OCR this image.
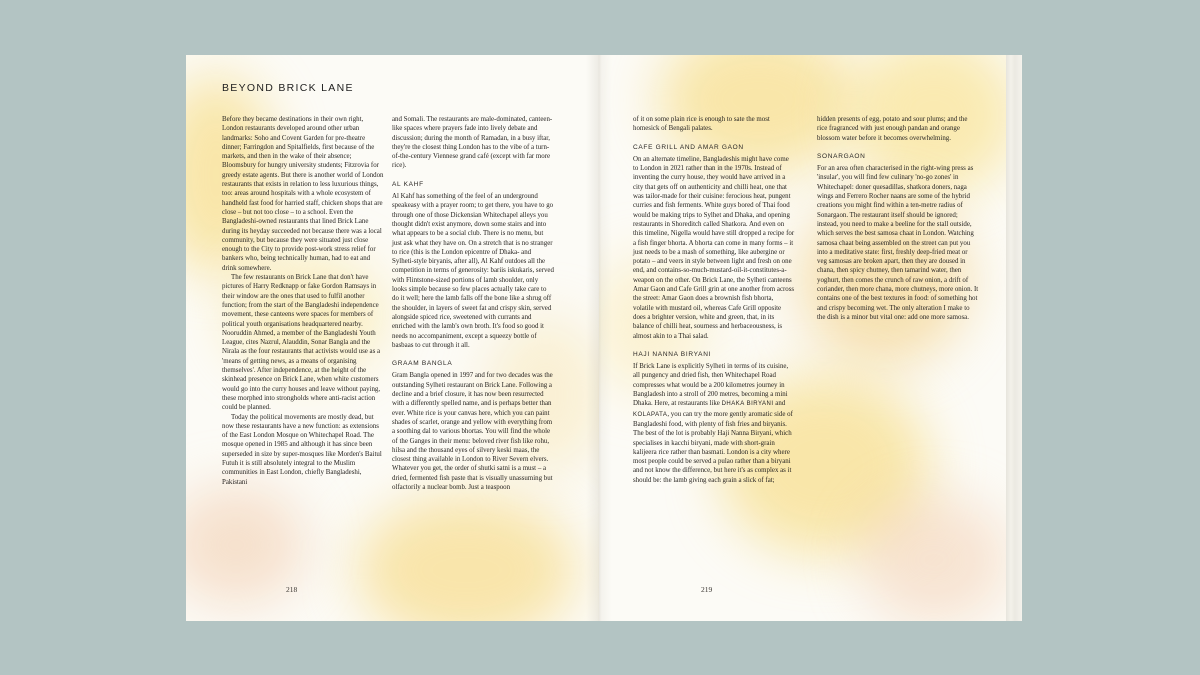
BEYOND BRICK LANE

Before they became destinations in their own right, London restaurants developed around other urban landmarks: Soho and Covent Garden for pre-theatre dinner; Farringdon and Spitalfields, first because of the markets, and then in the wake of their absence; Bloomsbury for hungry university students; Fitzrovia for greedy estate agents. But there is another world of London restaurants that exists in relation to less luxurious things, too: areas around hospitals with a whole ecosystem of handheld fast food for harried staff, chicken shops that are close – but not too close – to a school. Even the Bangladeshi-owned restaurants that lined Brick Lane during its heyday succeeded not because there was a local community, but because they were situated just close enough to the City to provide post-work stress relief for bankers who, being technically human, had to eat and drink somewhere.

The few restaurants on Brick Lane that don't have pictures of Harry Redknapp or fake Gordon Ramsays in their window are the ones that used to fulfil another function; from the start of the Bangladeshi independence movement, these canteens were spaces for members of political youth organisations headquartered nearby. Nooruddin Ahmed, a member of the Bangladeshi Youth League, cites Nazrul, Alauddin, Sonar Bangla and the Nirala as the four restaurants that activists would use as a 'means of getting news, as a means of organising themselves'. After independence, at the height of the skinhead presence on Brick Lane, when white customers would go into the curry houses and leave without paying, these morphed into strongholds where anti-racist action could be planned.

Today the political movements are mostly dead, but now these restaurants have a new function: as extensions of the East London Mosque on Whitechapel Road. The mosque opened in 1985 and although it has since been superseded in size by super-mosques like Morden's Baitul Futuh it is still absolutely integral to the Muslim communities in East London, chiefly Bangladeshi, Pakistani

and Somali. The restaurants are male-dominated, canteen-like spaces where prayers fade into lively debate and discussion; during the month of Ramadan, in a busy iftar, they're the closest thing London has to the vibe of a turn-of-the-century Viennese grand café (except with far more rice).

AL KAHF

Al Kahf has something of the feel of an underground speakeasy with a prayer room; to get there, you have to go through one of those Dickensian Whitechapel alleys you thought didn't exist anymore, down some stairs and into what appears to be a social club. There is no menu, but just ask what they have on. On a stretch that is no stranger to rice (this is the London epicentre of Dhaka- and Sylheti-style biryanis, after all), Al Kahf outdoes all the competition in terms of generosity: bariis iskukaris, served with Flintstone-sized portions of lamb shoulder, only looks simple because so few places actually take care to do it well; here the lamb falls off the bone like a shrug off the shoulder, in layers of sweet fat and crispy skin, served alongside spiced rice, sweetened with currants and enriched with the lamb's own broth. It's food so good it needs no accompaniment, except a squeezy bottle of basbaas to cut through it all.

GRAAM BANGLA

Gram Bangla opened in 1997 and for two decades was the outstanding Sylheti restaurant on Brick Lane. Following a decline and a brief closure, it has now been resurrected with a differently spelled name, and is perhaps better than ever. White rice is your canvas here, which you can paint shades of scarlet, orange and yellow with everything from a soothing dal to various bhortas. You will find the whole of the Ganges in their menu: beloved river fish like rohu, hilsa and the thousand eyes of silvery keski maas, the closest thing available in London to River Severn elvers. Whatever you get, the order of shutki satni is a must – a dried, fermented fish paste that is visually unassuming but olfactorily a nuclear bomb. Just a teaspoon

218

of it on some plain rice is enough to sate the most homesick of Bengali palates.

CAFE GRILL AND AMAR GAON

On an alternate timeline, Bangladeshis might have come to London in 2021 rather than in the 1970s. Instead of inventing the curry house, they would have arrived in a city that gets off on authenticity and chilli heat, one that was tailor-made for their cuisine: ferocious heat, pungent curries and fish ferments. White guys bored of Thai food would be making trips to Sylhet and Dhaka, and opening restaurants in Shoreditch called Shatkora. And even on this timeline, Nigella would have still dropped a recipe for a fish finger bhorta. A bhorta can come in many forms – it just needs to be a mash of something, like aubergine or potato – and veers in style between light and fresh on one end, and contains-so-much-mustard-oil-it-constitutes-a-weapon on the other. On Brick Lane, the Sylheti canteens Amar Gaon and Cafe Grill grin at one another from across the street: Amar Gaon does a brownish fish bhorta, volatile with mustard oil, whereas Cafe Grill opposite does a brighter version, white and green, that, in its balance of chilli heat, sourness and herbaceousness, is almost akin to a Thai salad.

HAJI NANNA BIRYANI

If Brick Lane is explicitly Sylheti in terms of its cuisine, all pungency and dried fish, then Whitechapel Road compresses what would be a 200 kilometres journey in Bangladesh into a stroll of 200 metres, becoming a mini Dhaka. Here, at restaurants like DHAKA BIRYANI and KOLAPATA, you can try the more gently aromatic side of Bangladeshi food, with plenty of fish fries and biryanis. The best of the lot is probably Haji Nanna Biryani, which specialises in kacchi biryani, made with short-grain kalijeera rice rather than basmati. London is a city where most people could be served a pulao rather than a biryani and not know the difference, but here it's as complex as it should be: the lamb giving each grain a slick of fat;

hidden presents of egg, potato and sour plums; and the rice fragranced with just enough pandan and orange blossom water before it becomes overwhelming.

SONARGAON

For an area often characterised in the right-wing press as 'insular', you will find few culinary 'no-go zones' in Whitechapel: doner quesadillas, shatkora doners, naga wings and Ferrero Rocher naans are some of the hybrid creations you might find within a ten-metre radius of Sonargaon. The restaurant itself should be ignored; instead, you need to make a beeline for the stall outside, which serves the best samosa chaat in London. Watching samosa chaat being assembled on the street can put you into a meditative state: first, freshly deep-fried meat or veg samosas are broken apart, then they are doused in chana, then spicy chutney, then tamarind water, then yoghurt, then comes the crunch of raw onion, a drift of coriander, then more chana, more chutneys, more onion. It contains one of the best textures in food: of something hot and crispy becoming wet. The only alteration I make to the dish is a minor but vital one: add one more samosa.

219
